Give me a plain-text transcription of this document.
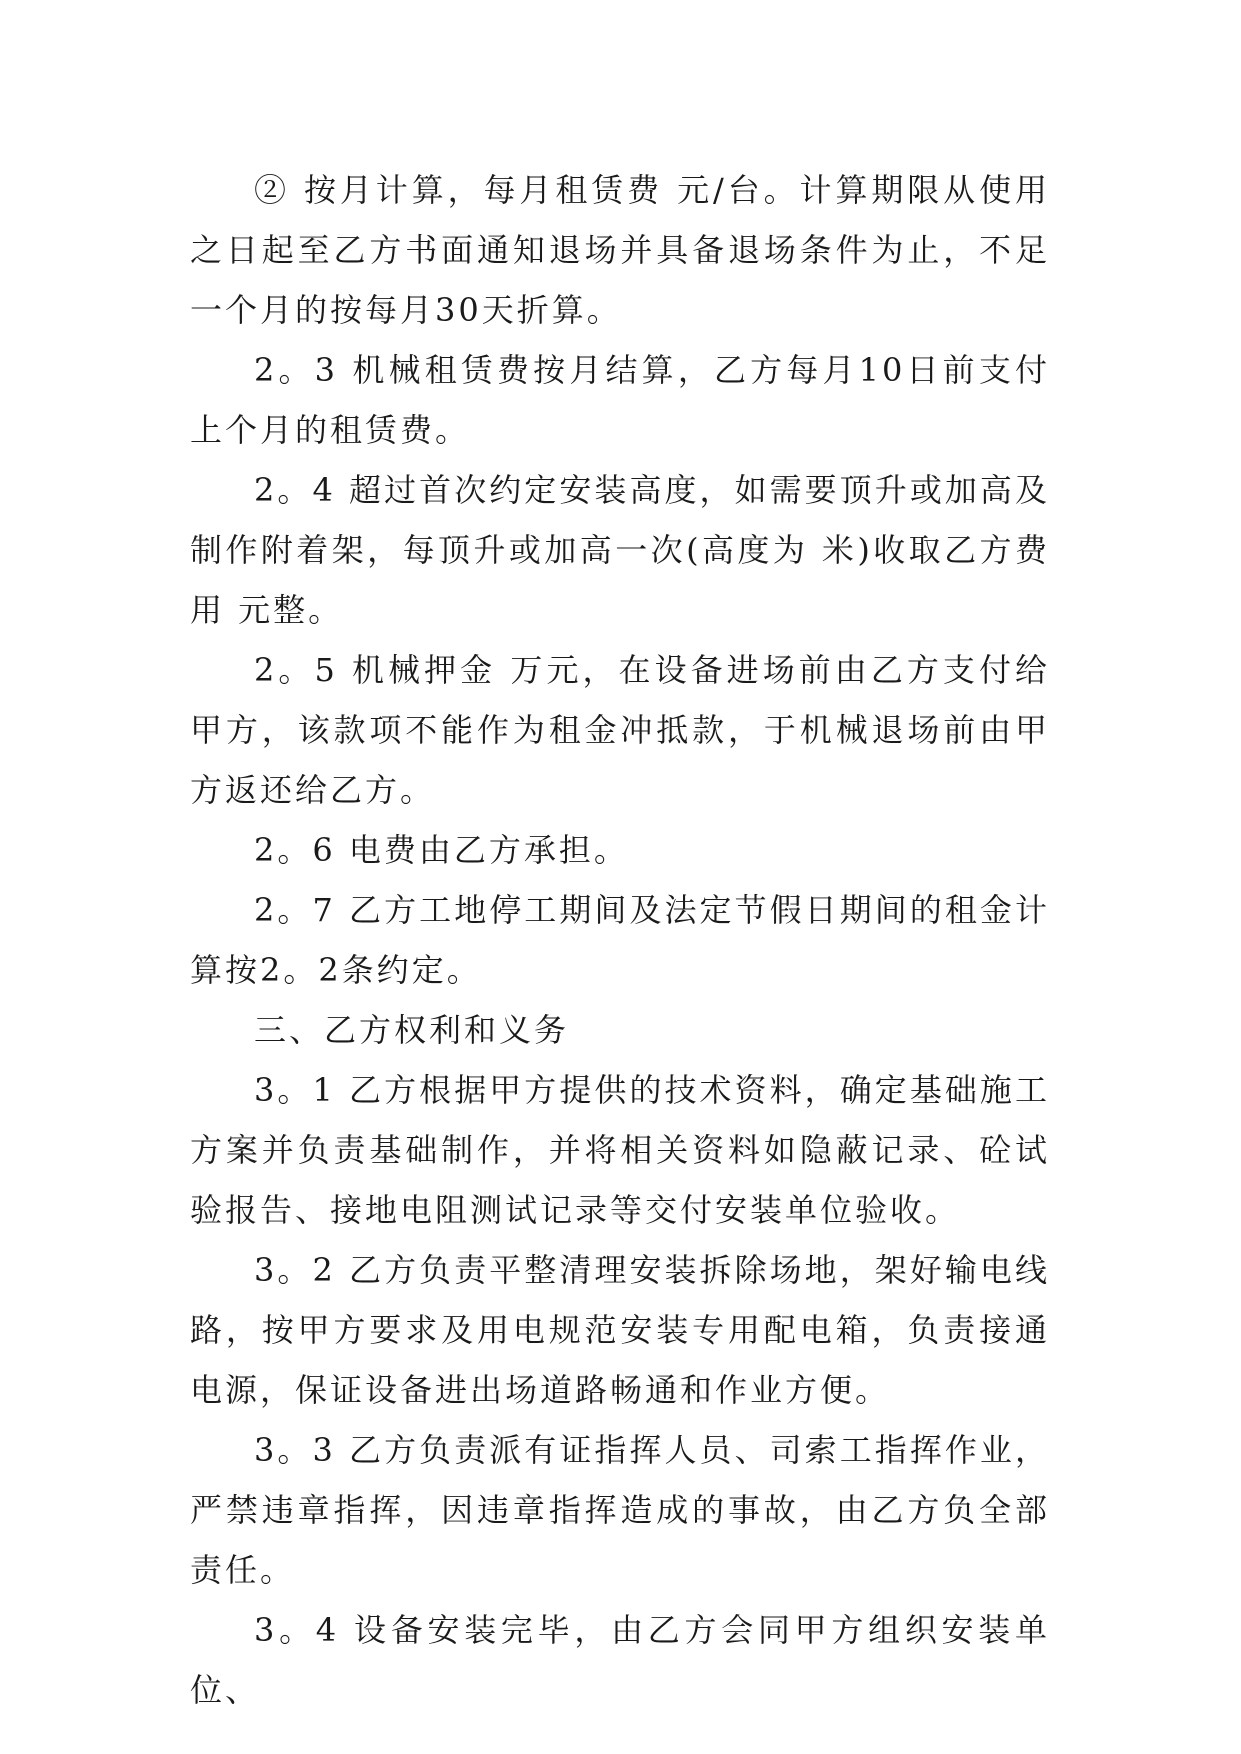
② 按月计算，每月租赁费 元/台。计算期限从使用之日起至乙方书面通知退场并具备退场条件为止，不足一个月的按每月30天折算。

2。3 机械租赁费按月结算，乙方每月10日前支付上个月的租赁费。

2。4 超过首次约定安装高度，如需要顶升或加高及制作附着架，每顶升或加高一次(高度为 米)收取乙方费用 元整。

2。5 机械押金 万元，在设备进场前由乙方支付给甲方，该款项不能作为租金冲抵款，于机械退场前由甲方返还给乙方。

2。6 电费由乙方承担。

2。7 乙方工地停工期间及法定节假日期间的租金计算按2。2条约定。

三、乙方权利和义务

3。1 乙方根据甲方提供的技术资料，确定基础施工方案并负责基础制作，并将相关资料如隐蔽记录、砼试验报告、接地电阻测试记录等交付安装单位验收。

3。2 乙方负责平整清理安装拆除场地，架好输电线路，按甲方要求及用电规范安装专用配电箱，负责接通电源，保证设备进出场道路畅通和作业方便。

3。3 乙方负责派有证指挥人员、司索工指挥作业，严禁违章指挥，因违章指挥造成的事故，由乙方负全部责任。

3。4 设备安装完毕，由乙方会同甲方组织安装单位、
